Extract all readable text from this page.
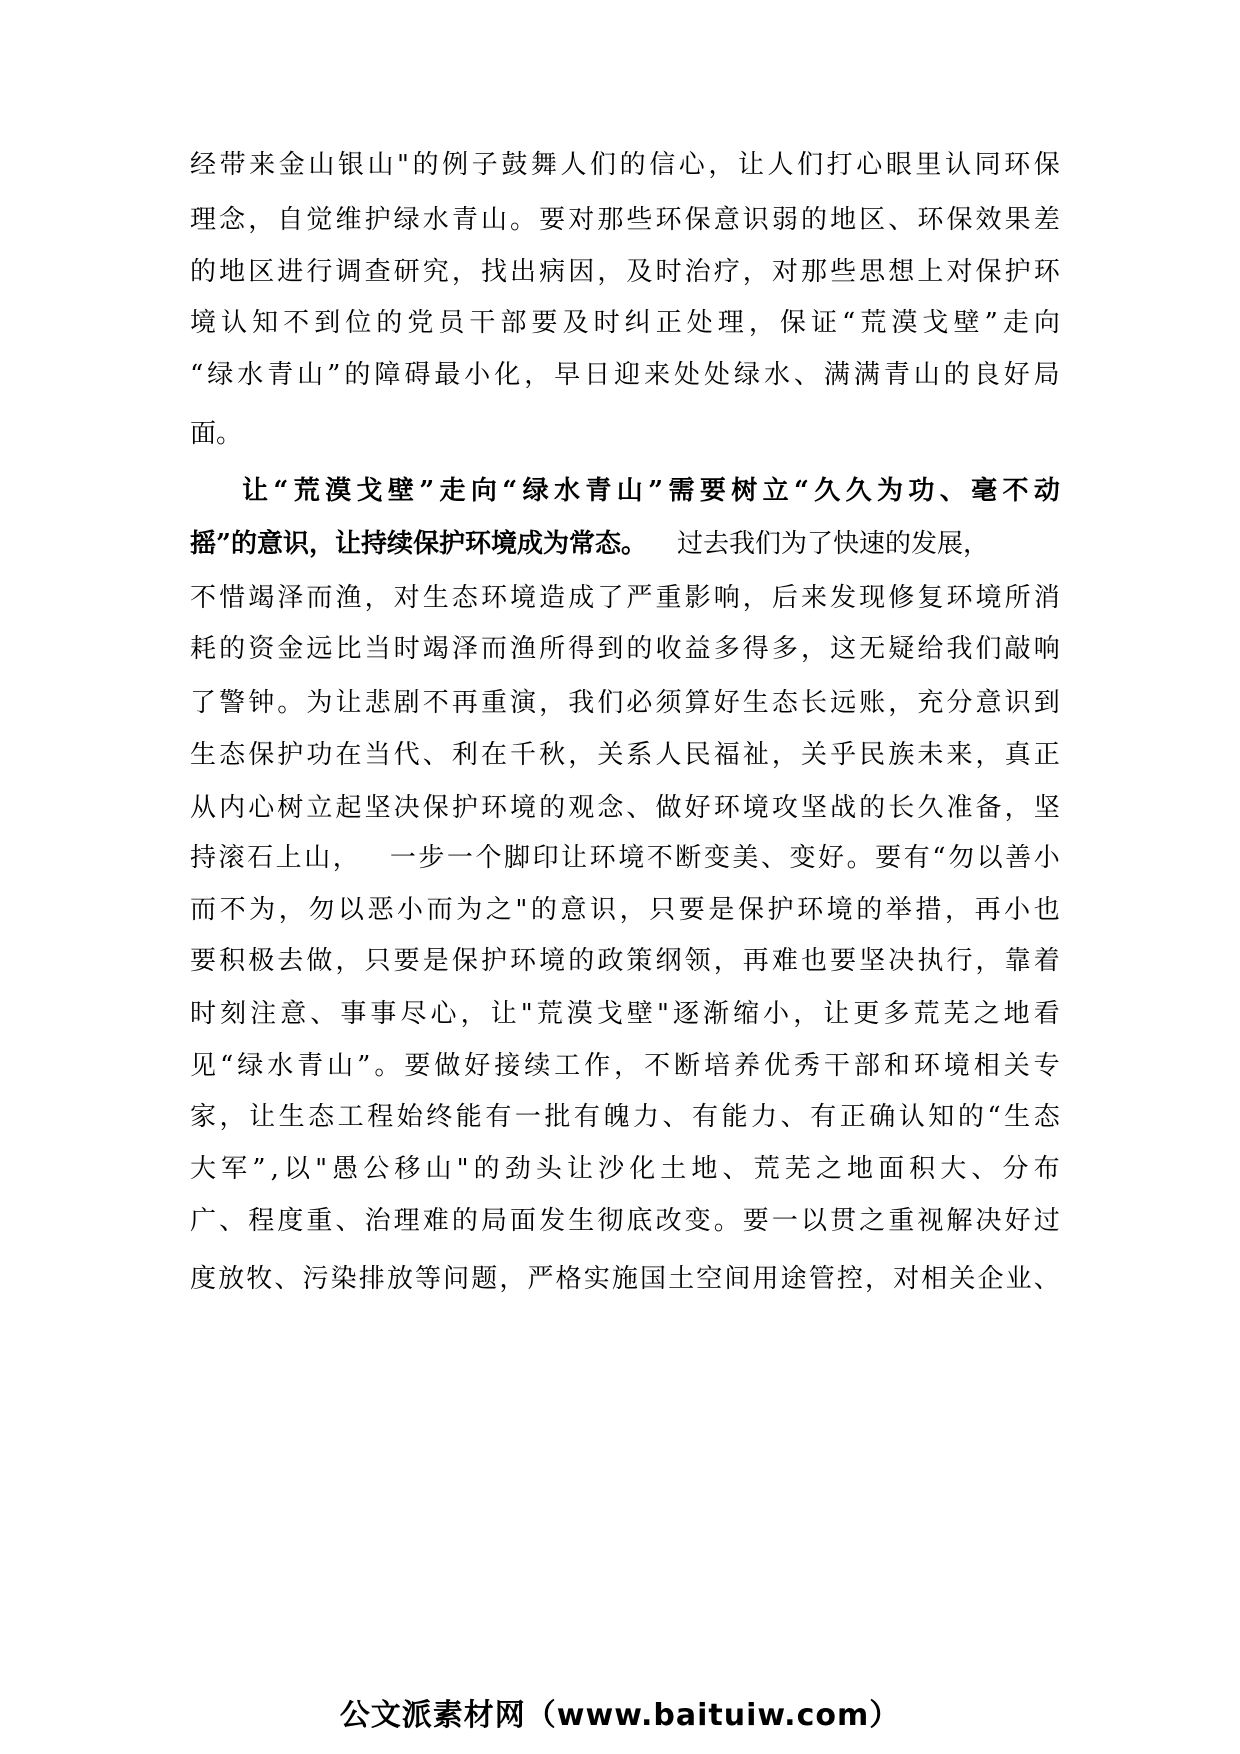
经 带 来 金 山 银 山 " 的 例 子 鼓 舞 人 们 的 信 心 ， 让 人 们 打 心 眼 里 认 同 环 保
理 念 ， 自 觉 维 护 绿 水 青 山 。 要 对 那 些 环 保 意 识 弱 的 地 区 、 环 保 效 果 差
的 地 区 进 行 调 查 研 究 ， 找 出 病 因 ， 及 时 治 疗 ， 对 那 些 思 想 上 对 保 护 环
境 认 知 不 到 位 的 党 员 干 部 要 及 时 纠 正 处 理 ， 保 证 “ 荒 漠 戈 壁 ” 走 向
“ 绿 水 青 山 ” 的 障 碍 最 小 化 ， 早 日 迎 来 处 处 绿 水 、 满 满 青 山 的 良 好 局
面。
让 “ 荒 漠 戈 壁 ” 走 向 “ 绿 水 青 山 ” 需 要 树 立 “ 久 久 为 功 、 毫 不 动
摇”的意识，让持续保护环境成为常态。 过去我们为了快速的发展，
不 惜 竭 泽 而 渔 ， 对 生 态 环 境 造 成 了 严 重 影 响 ， 后 来 发 现 修 复 环 境 所 消
耗 的 资 金 远 比 当 时 竭 泽 而 渔 所 得 到 的 收 益 多 得 多 ， 这 无 疑 给 我 们 敲 响
了 警 钟 。 为 让 悲 剧 不 再 重 演 ， 我 们 必 须 算 好 生 态 长 远 账 ， 充 分 意 识 到
生 态 保 护 功 在 当 代 、 利 在 千 秋 ， 关 系 人 民 福 祉 ， 关 乎 民 族 未 来 ， 真 正
从 内 心 树 立 起 坚 决 保 护 环 境 的 观 念 、 做 好 环 境 攻 坚 战 的 长 久 准 备 ， 坚
持 滚 石 上 山 ，
　 一 步 一 个 脚 印 让 环 境 不 断 变 美 、 变 好 。 要 有 “ 勿 以 善 小
而 不 为 ， 勿 以 恶 小 而 为 之 " 的 意 识 ， 只 要 是 保 护 环 境 的 举 措 ， 再 小 也
要 积 极 去 做 ， 只 要 是 保 护 环 境 的 政 策 纲 领 ， 再 难 也 要 坚 决 执 行 ， 靠 着
时 刻 注 意 、 事 事 尽 心 ， 让 " 荒 漠 戈 壁 " 逐 渐 缩 小 ， 让 更 多 荒 芜 之 地 看
见 “ 绿 水 青 山 ” 。 要 做 好 接 续 工 作 ， 不 断 培 养 优 秀 干 部 和 环 境 相 关 专
家 ， 让 生 态 工 程 始 终 能 有 一 批 有 魄 力 、 有 能 力 、 有 正 确 认 知 的 “ 生 态
大 军 ” , 以 " 愚 公 移 山 " 的 劲 头 让 沙 化 土 地 、 荒 芜 之 地 面 积 大 、 分 布
广 、 程 度 重 、 治 理 难 的 局 面 发 生 彻 底 改 变 。 要 一 以 贯 之 重 视 解 决 好 过
度 放 牧 、 污 染 排 放 等 问 题 ， 严 格 实 施 国 土 空 间 用 途 管 控 ， 对 相 关 企 业 、
公文派素材网（www.baituiw.com）
